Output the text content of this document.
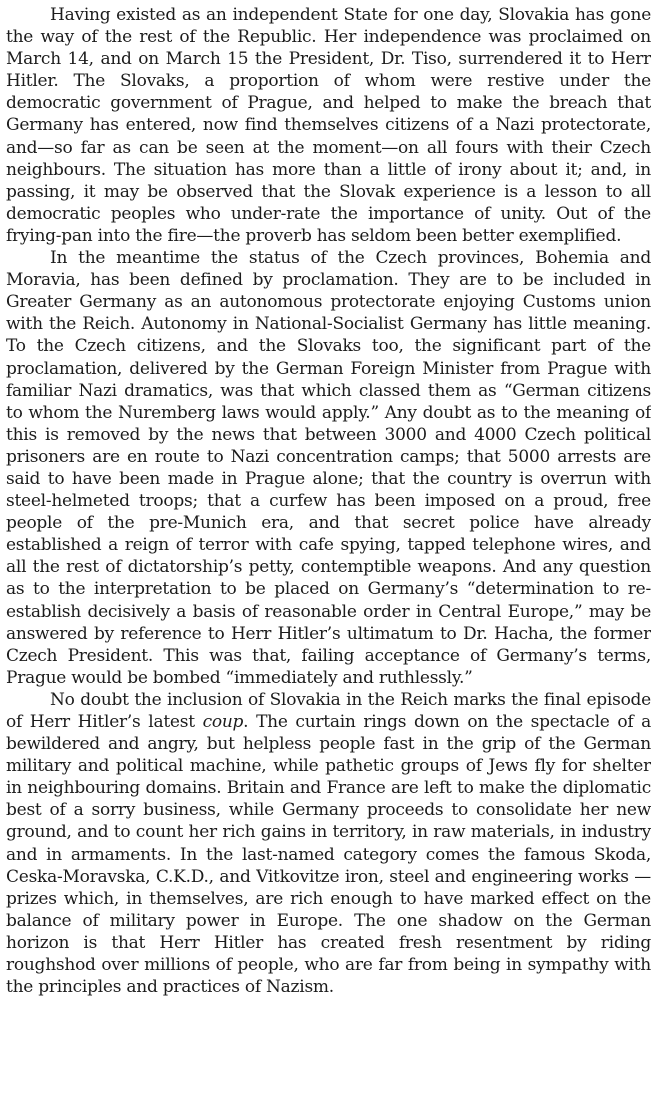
Having existed as an independent State for one day, Slovakia has gone the way of the rest of the Republic. Her independence was proclaimed on March 14, and on March 15 the President, Dr. Tiso, surrendered it to Herr Hitler. The Slovaks, a proportion of whom were restive under the democratic government of Prague, and helped to make the breach that Germany has entered, now find themselves citizens of a Nazi protectorate, and—so far as can be seen at the moment—on all fours with their Czech neighbours. The situation has more than a little of irony about it; and, in passing, it may be observed that the Slovak experience is a lesson to all democratic peoples who under-rate the importance of unity. Out of the frying-pan into the fire—the proverb has seldom been better exemplified.

In the meantime the status of the Czech provinces, Bohemia and Moravia, has been defined by proclamation. They are to be included in Greater Germany as an autonomous protectorate enjoying Customs union with the Reich. Autonomy in National-Socialist Germany has little meaning. To the Czech citizens, and the Slovaks too, the significant part of the proclamation, delivered by the German Foreign Minister from Prague with familiar Nazi dramatics, was that which classed them as “German citizens to whom the Nuremberg laws would apply.” Any doubt as to the meaning of this is removed by the news that between 3000 and 4000 Czech political prisoners are en route to Nazi concentration camps; that 5000 arrests are said to have been made in Prague alone; that the country is overrun with steel-helmeted troops; that a curfew has been imposed on a proud, free people of the pre-Munich era, and that secret police have already established a reign of terror with cafe spying, tapped telephone wires, and all the rest of dictatorship’s petty, contemptible weapons. And any question as to the interpretation to be placed on Germany’s “determination to re-establish decisively a basis of reasonable order in Central Europe,” may be answered by reference to Herr Hitler’s ultimatum to Dr. Hacha, the former Czech President. This was that, failing acceptance of Germany’s terms, Prague would be bombed “immediately and ruthlessly.”

No doubt the inclusion of Slovakia in the Reich marks the final episode of Herr Hitler’s latest coup. The curtain rings down on the spectacle of a bewildered and angry, but helpless people fast in the grip of the German military and political machine, while pathetic groups of Jews fly for shelter in neighbouring domains. Britain and France are left to make the diplomatic best of a sorry business, while Germany proceeds to consolidate her new ground, and to count her rich gains in territory, in raw materials, in industry and in armaments. In the last-named category comes the famous Skoda, Ceska-Moravska, C.K.D., and Vitkovitze iron, steel and engineering works —prizes which, in themselves, are rich enough to have marked effect on the balance of military power in Europe. The one shadow on the German horizon is that Herr Hitler has created fresh resentment by riding roughshod over millions of people, who are far from being in sympathy with the principles and practices of Nazism.
